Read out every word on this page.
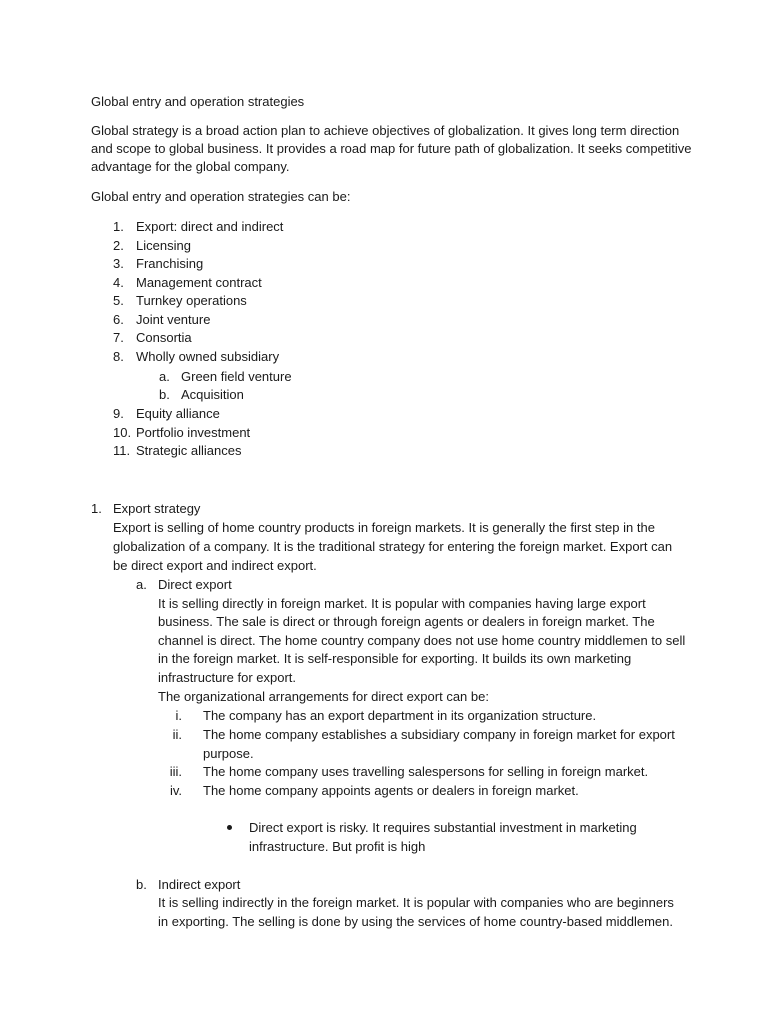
Global entry and operation strategies
Global strategy is a broad action plan to achieve objectives of globalization. It gives long term direction
and scope to global business. It provides a road map for future path of globalization. It seeks competitive
advantage for the global company.
Global entry and operation strategies can be:
1. Export: direct and indirect
2. Licensing
3. Franchising
4. Management contract
5. Turnkey operations
6. Joint venture
7. Consortia
8. Wholly owned subsidiary
a. Green field venture
b. Acquisition
9. Equity alliance
10. Portfolio investment
11. Strategic alliances
1. Export strategy
Export is selling of home country products in foreign markets. It is generally the first step in the
globalization of a company. It is the traditional strategy for entering the foreign market. Export can
be direct export and indirect export.
a. Direct export
It is selling directly in foreign market. It is popular with companies having large export
business. The sale is direct or through foreign agents or dealers in foreign market. The
channel is direct. The home country company does not use home country middlemen to sell
in the foreign market. It is self-responsible for exporting. It builds its own marketing
infrastructure for export.
The organizational arrangements for direct export can be:
i. The company has an export department in its organization structure.
ii. The home company establishes a subsidiary company in foreign market for export
purpose.
iii. The home company uses travelling salespersons for selling in foreign market.
iv. The home company appoints agents or dealers in foreign market.
Direct export is risky. It requires substantial investment in marketing
infrastructure. But profit is high
b. Indirect export
It is selling indirectly in the foreign market. It is popular with companies who are beginners
in exporting. The selling is done by using the services of home country-based middlemen.
